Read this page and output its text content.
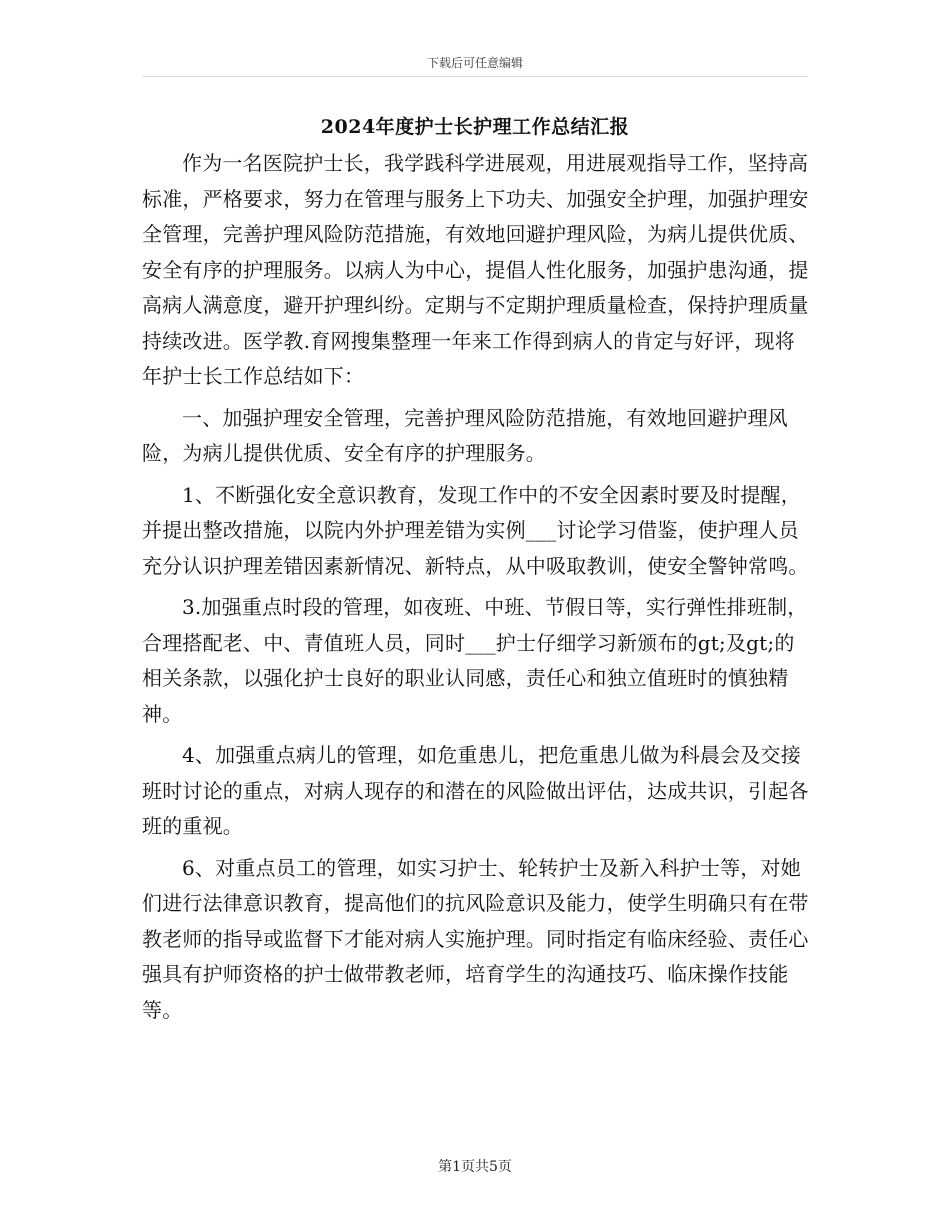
下载后可任意编辑
2024年度护士长护理工作总结汇报

作为一名医院护士长，我学践科学进展观，用进展观指导工作，坚持高标准，严格要求，努力在管理与服务上下功夫、加强安全护理，加强护理安全管理，完善护理风险防范措施，有效地回避护理风险，为病儿提供优质、安全有序的护理服务。以病人为中心，提倡人性化服务，加强护患沟通，提高病人满意度，避开护理纠纷。定期与不定期护理质量检查，保持护理质量持续改进。医学教.育网搜集整理一年来工作得到病人的肯定与好评，现将年护士长工作总结如下：

一、加强护理安全管理，完善护理风险防范措施，有效地回避护理风险，为病儿提供优质、安全有序的护理服务。

1、不断强化安全意识教育，发现工作中的不安全因素时要及时提醒，并提出整改措施，以院内外护理差错为实例___讨论学习借鉴，使护理人员充分认识护理差错因素新情况、新特点，从中吸取教训，使安全警钟常鸣。

3.加强重点时段的管理，如夜班、中班、节假日等，实行弹性排班制，合理搭配老、中、青值班人员，同时___护士仔细学习新颁布的gt;及gt;的相关条款，以强化护士良好的职业认同感，责任心和独立值班时的慎独精神。

4、加强重点病儿的管理，如危重患儿，把危重患儿做为科晨会及交接班时讨论的重点，对病人现存的和潜在的风险做出评估，达成共识，引起各班的重视。

6、对重点员工的管理，如实习护士、轮转护士及新入科护士等，对她们进行法律意识教育，提高他们的抗风险意识及能力，使学生明确只有在带教老师的指导或监督下才能对病人实施护理。同时指定有临床经验、责任心强具有护师资格的护士做带教老师，培育学生的沟通技巧、临床操作技能等。

第1页共5页
